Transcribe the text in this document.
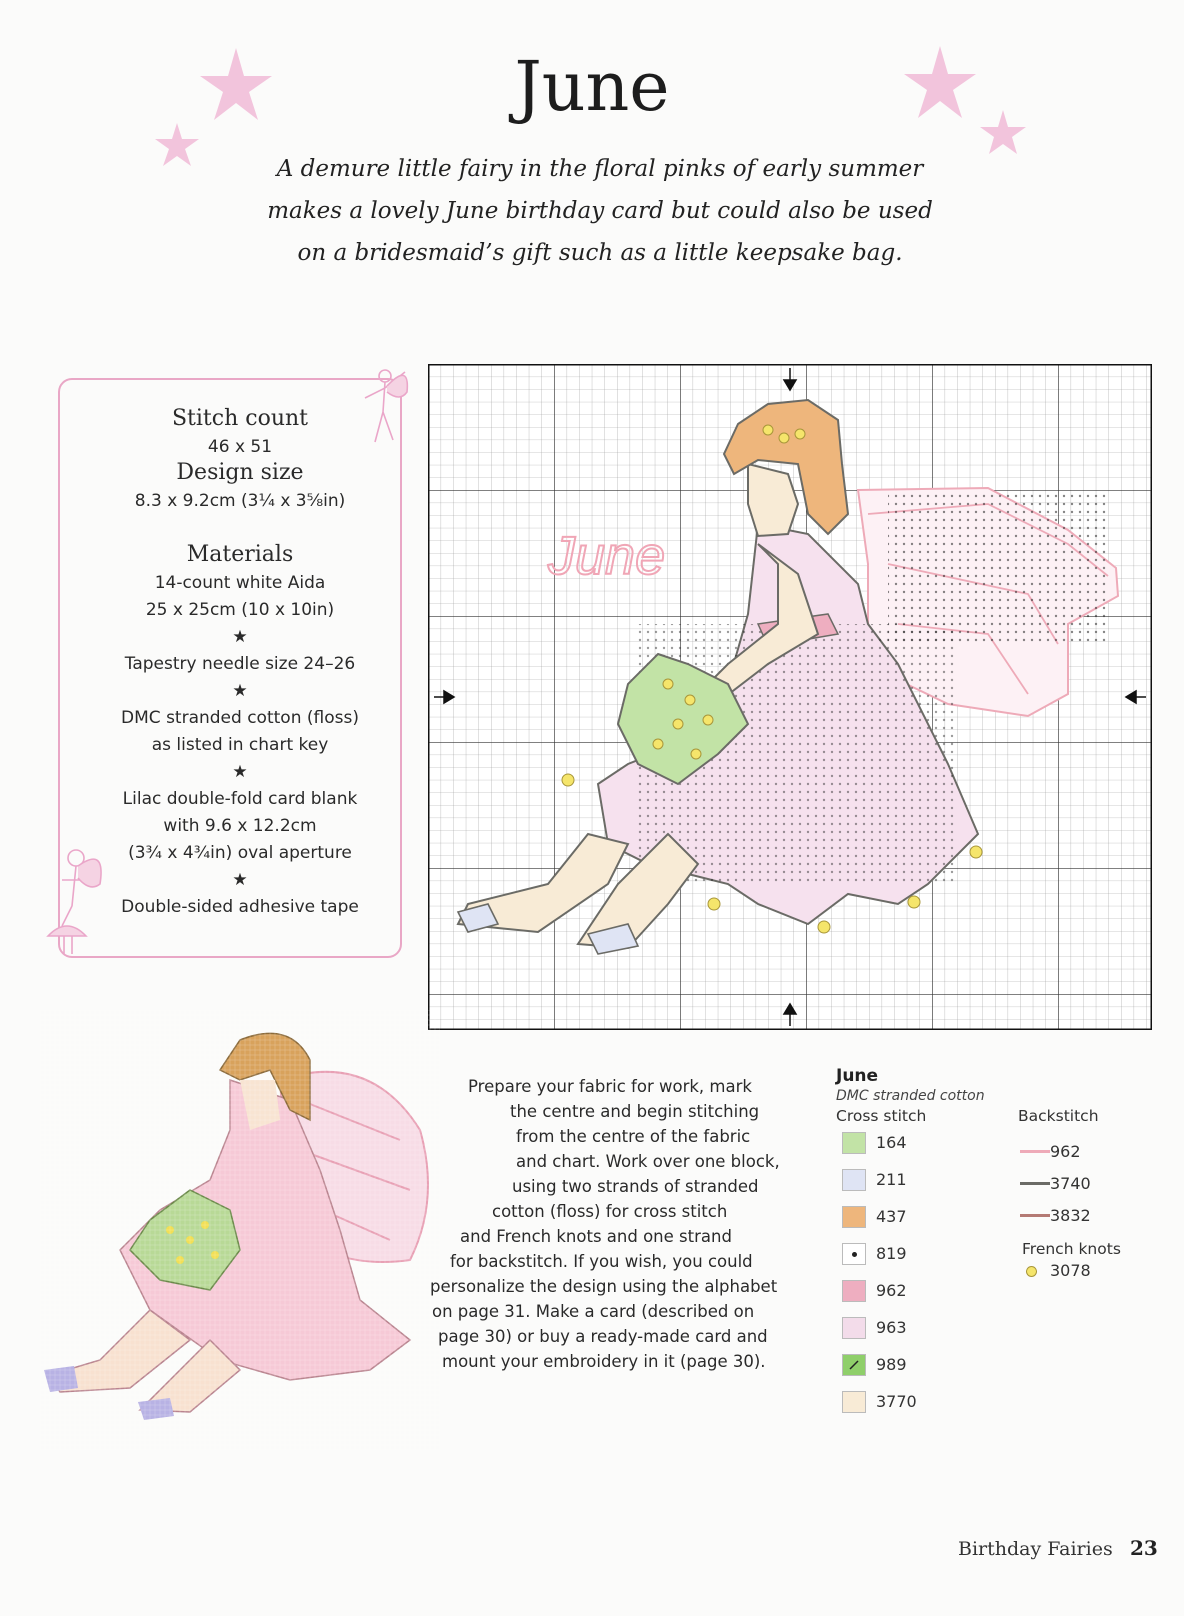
June
A demure little fairy in the floral pinks of early summer
makes a lovely June birthday card but could also be used
on a bridesmaid’s gift such as a little keepsake bag.
Stitch count
46 x 51
Design size
8.3 x 9.2cm (3¼ x 3⅝in)
Materials
14-count white Aida
25 x 25cm (10 x 10in)
★
Tapestry needle size 24–26
★
DMC stranded cotton (floss)
as listed in chart key
★
Lilac double-fold card blank
with 9.6 x 12.2cm
(3¾ x 4¾in) oval aperture
★
Double-sided adhesive tape
June
Prepare your fabric for work, mark
the centre and begin stitching
from the centre of the fabric
and chart. Work over one block,
using two strands of stranded
cotton (floss) for cross stitch
and French knots and one strand
for backstitch. If you wish, you could
personalize the design using the alphabet
on page 31. Make a card (described on
page 30) or buy a ready-made card and
mount your embroidery in it (page 30).
June
DMC stranded cotton
Cross stitch
164
211
437
819
962
963
989
3770
Backstitch
962
3740
3832
French knots
3078
Birthday Fairies 23
